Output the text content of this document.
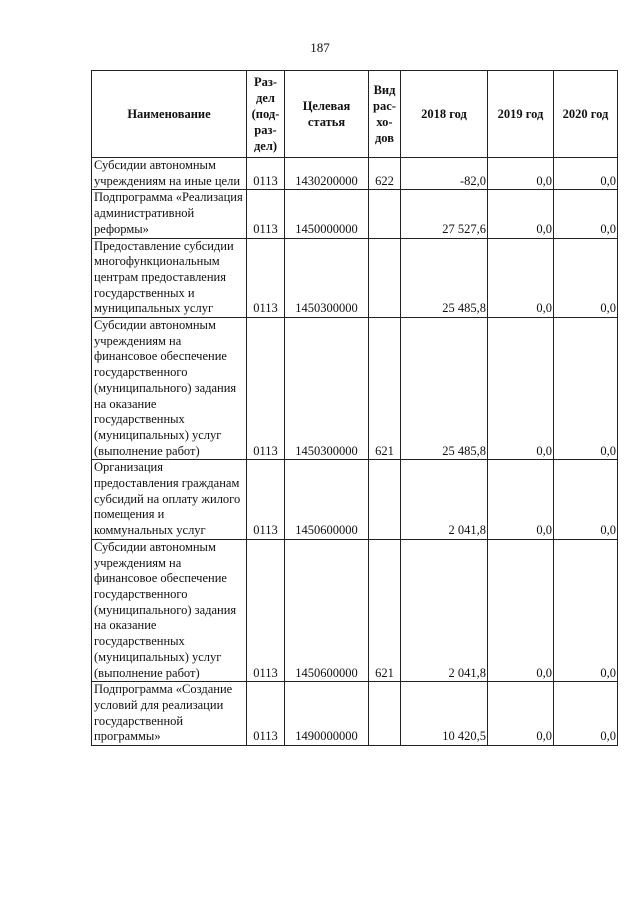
187
Наименование	Раз-
дел
(под-
раз-
дел)	Целевая
статья	Вид
рас-
хо-
дов	2018 год	2019 год	2020 год
Субсидии автономным учреждениям на иные цели	0113	1430200000	622	-82,0	0,0	0,0
Подпрограмма «Реализация административной реформы»	0113	1450000000		27 527,6	0,0	0,0
Предоставление субсидии многофункциональным центрам предоставления государственных и муниципальных услуг	0113	1450300000		25 485,8	0,0	0,0
Субсидии автономным учреждениям на финансовое обеспечение государственного (муниципального) задания на оказание государственных (муниципальных) услуг (выполнение работ)	0113	1450300000	621	25 485,8	0,0	0,0
Организация предоставления гражданам субсидий на оплату жилого помещения и коммунальных услуг	0113	1450600000		2 041,8	0,0	0,0
Субсидии автономным учреждениям на финансовое обеспечение государственного (муниципального) задания на оказание государственных (муниципальных) услуг (выполнение работ)	0113	1450600000	621	2 041,8	0,0	0,0
Подпрограмма «Создание условий для реализации государственной программы»	0113	1490000000		10 420,5	0,0	0,0
